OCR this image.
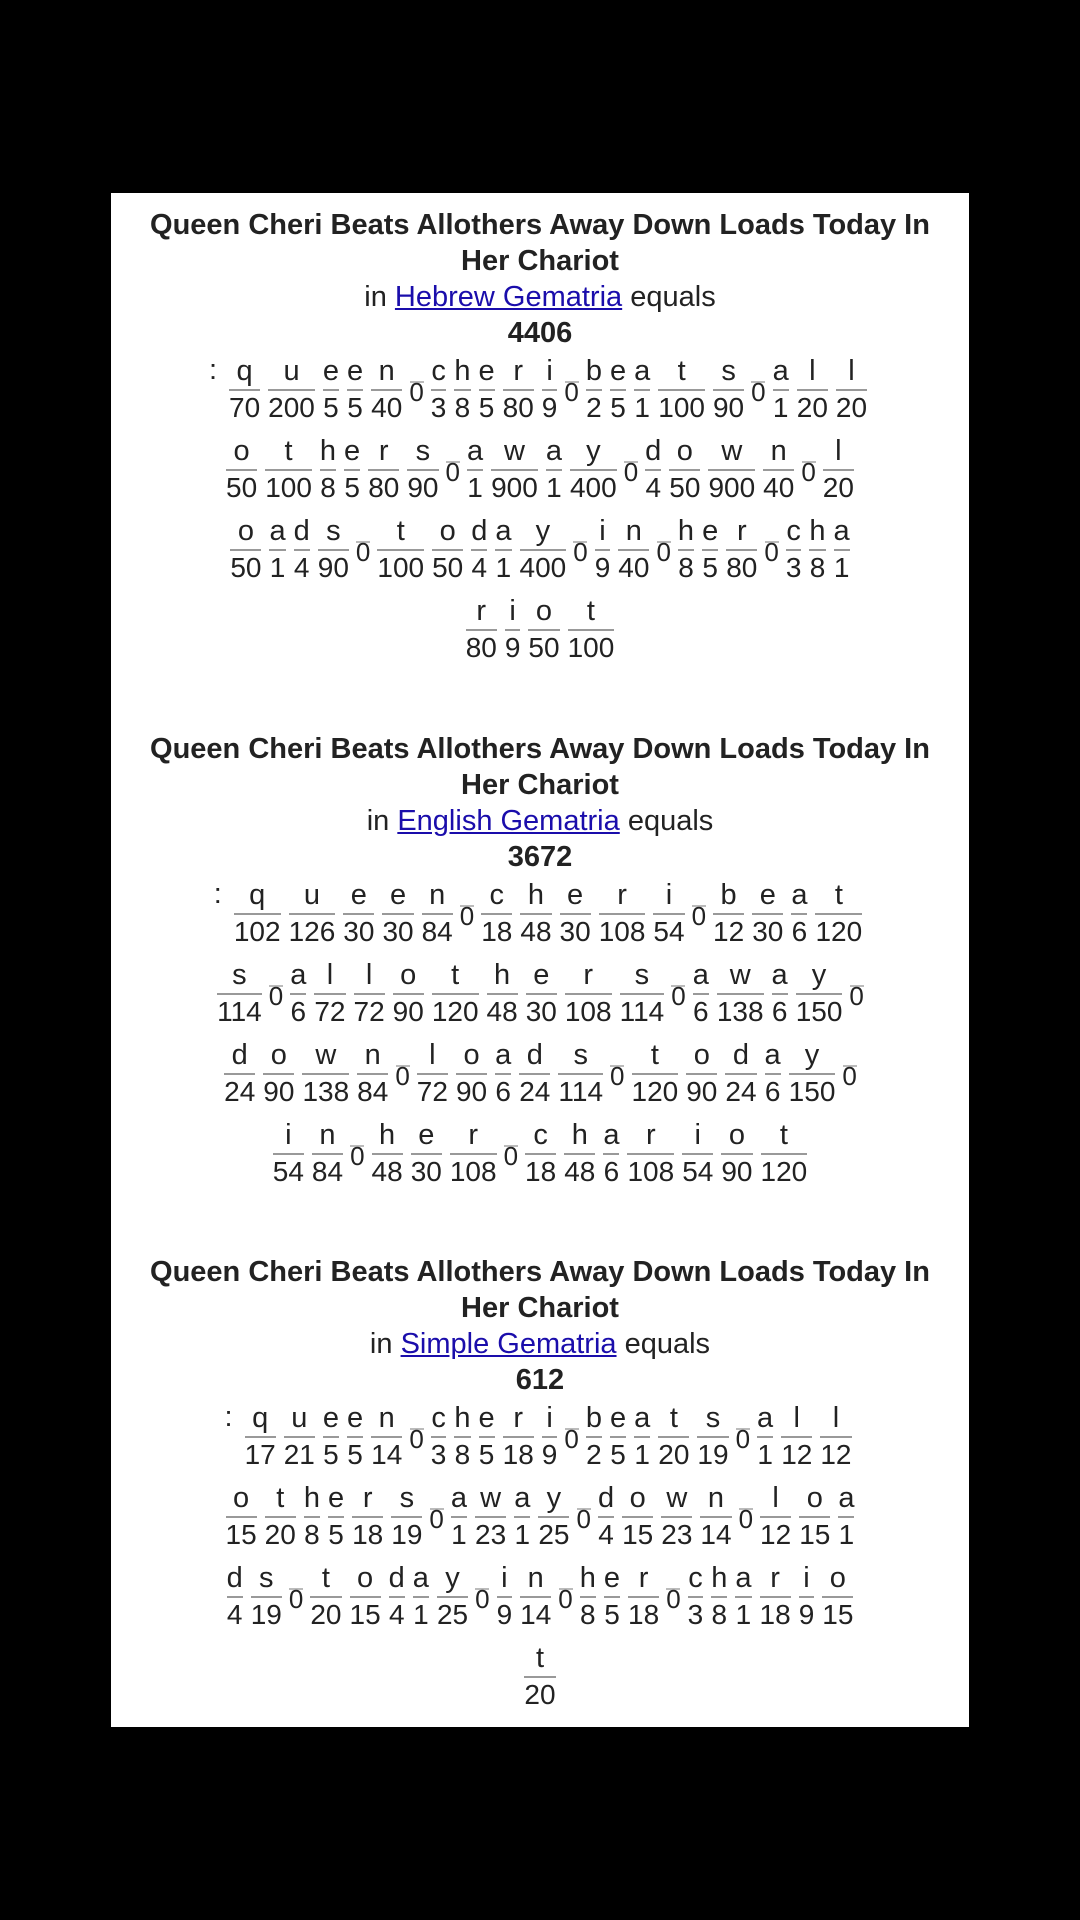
Queen Cheri Beats Allothers Away Down Loads Today In Her Chariot
in Hebrew Gematria equals
4406
: q
70
u
200
e
5
e
5
n
40 0
c
3
h
8
e
5
r
80
i
9 0
b
2
e
5
a
1
t
100
s
90 0
a
1
l
20
l
20
o
50
t
100
h
8
e
5
r
80
s
90 0
a
1
w
900
a
1
y
400 0
d
4
o
50
w
900
n
40 0
l
20
o
50
a
1
d
4
s
90 0
t
100
o
50
d
4
a
1
y
400 0
i
9
n
40 0
h
8
e
5
r
80 0
c
3
h
8
a
1
r
80
i
9
o
50
t
100
Queen Cheri Beats Allothers Away Down Loads Today In Her Chariot
in English Gematria equals
3672
: q
102
u
126
e
30
e
30
n
84 0
c
18
h
48
e
30
r
108
i
54 0
b
12
e
30
a
6
t
120
s
114 0
a
6
l
72
l
72
o
90
t
120
h
48
e
30
r
108
s
114 0
a
6
w
138
a
6
y
150 0
d
24
o
90
w
138
n
84 0
l
72
o
90
a
6
d
24
s
114 0
t
120
o
90
d
24
a
6
y
150 0
i
54
n
84 0
h
48
e
30
r
108 0
c
18
h
48
a
6
r
108
i
54
o
90
t
120
Queen Cheri Beats Allothers Away Down Loads Today In Her Chariot
in Simple Gematria equals
612
: q
17
u
21
e
5
e
5
n
14 0
c
3
h
8
e
5
r
18
i
9 0
b
2
e
5
a
1
t
20
s
19 0
a
1
l
12
l
12
o
15
t
20
h
8
e
5
r
18
s
19 0
a
1
w
23
a
1
y
25 0
d
4
o
15
w
23
n
14 0
l
12
o
15
a
1
d
4
s
19 0
t
20
o
15
d
4
a
1
y
25 0
i
9
n
14 0
h
8
e
5
r
18 0
c
3
h
8
a
1
r
18
i
9
o
15
t
20
